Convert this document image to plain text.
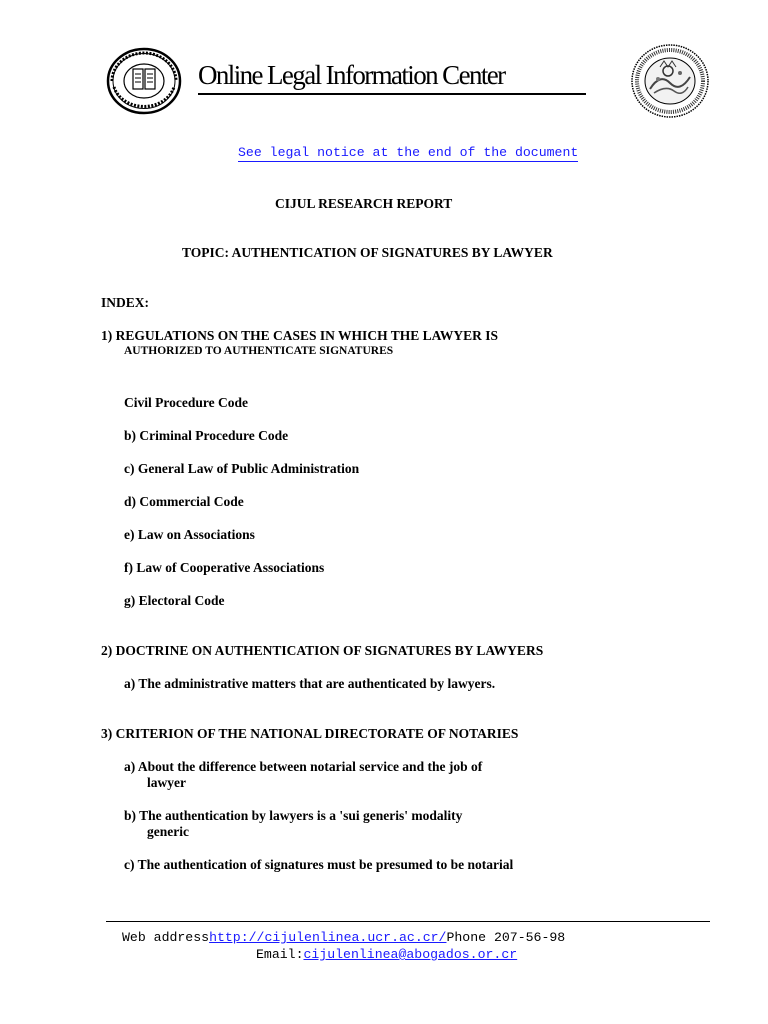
Online Legal Information Center
See legal notice at the end of the document
CIJUL RESEARCH REPORT
TOPIC: AUTHENTICATION OF SIGNATURES BY LAWYER
INDEX:
1) REGULATIONS ON THE CASES IN WHICH THE LAWYER IS
AUTHORIZED TO AUTHENTICATE SIGNATURES
Civil Procedure Code
b) Criminal Procedure Code
c) General Law of Public Administration
d) Commercial Code
e) Law on Associations
f) Law of Cooperative Associations
g) Electoral Code
2) DOCTRINE ON AUTHENTICATION OF SIGNATURES BY LAWYERS
a) The administrative matters that are authenticated by lawyers.
3) CRITERION OF THE NATIONAL DIRECTORATE OF NOTARIES
a) About the difference between notarial service and the job of
lawyer
b) The authentication by lawyers is a 'sui generis' modality
generic
c) The authentication of signatures must be presumed to be notarial
Web addresshttp://cijulenlinea.ucr.ac.cr/Phone 207-56-98
Email:cijulenlinea@abogados.or.cr
